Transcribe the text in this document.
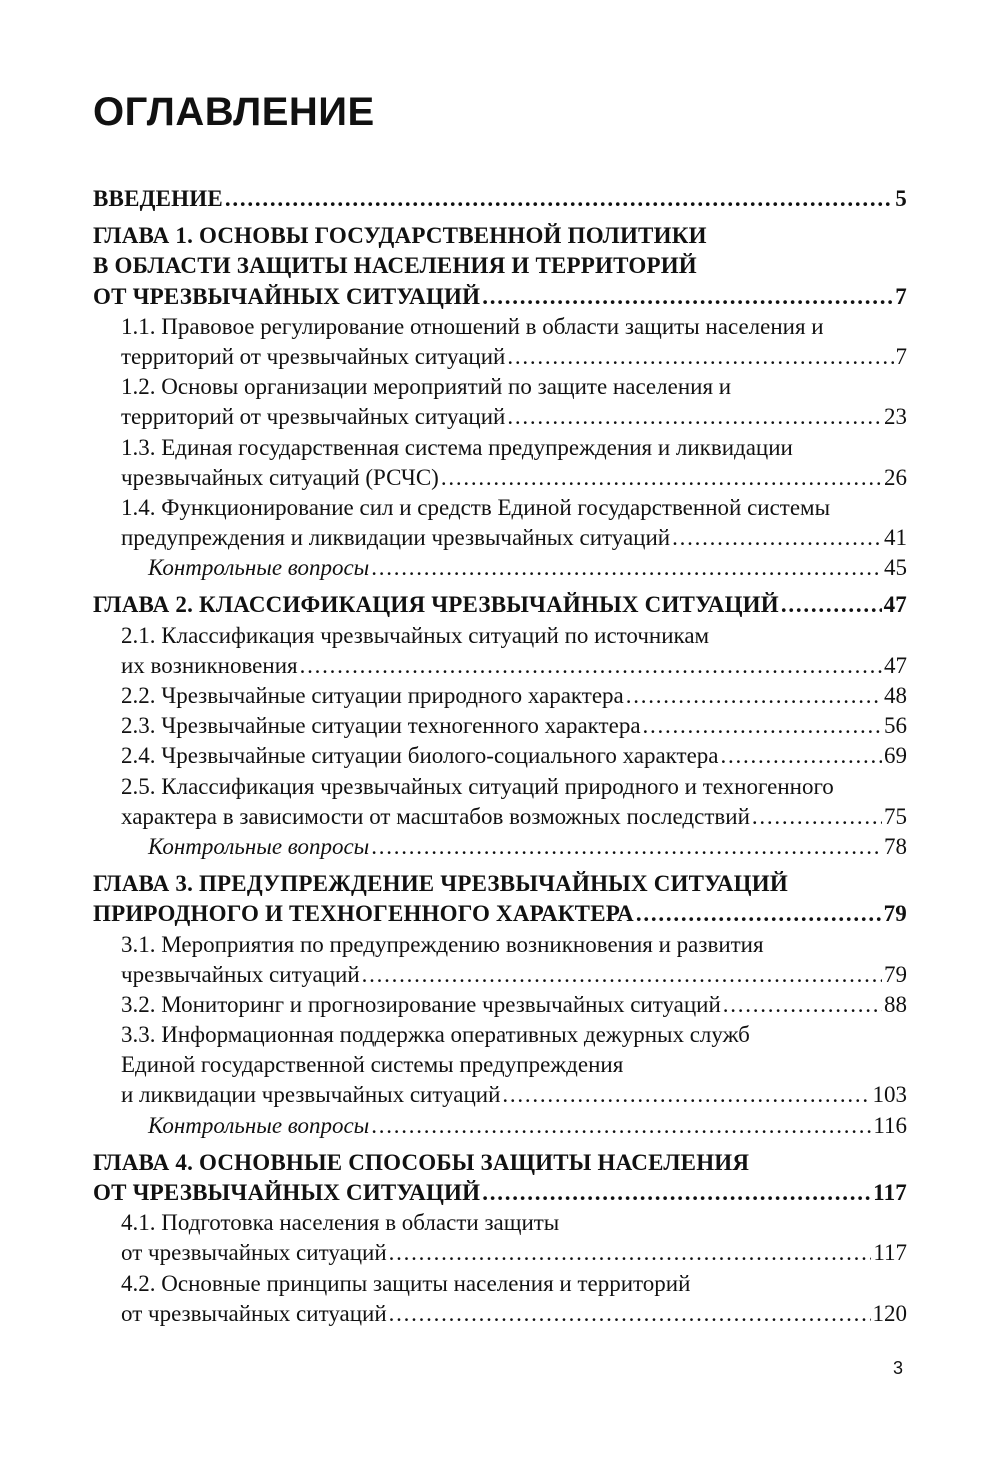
ОГЛАВЛЕНИЕ
ВВЕДЕНИЕ . . .	5
ГЛАВА 1. ОСНОВЫ ГОСУДАРСТВЕННОЙ ПОЛИТИКИ
В ОБЛАСТИ ЗАЩИТЫ НАСЕЛЕНИЯ И ТЕРРИТОРИЙ
ОТ ЧРЕЗВЫЧАЙНЫХ СИТУАЦИЙ . . .	7
1.1. Правовое регулирование отношений в области защиты населения и
территорий от чрезвычайных ситуаций . . .	7
1.2. Основы организации мероприятий по защите населения и
территорий от чрезвычайных ситуаций . . .	23
1.3. Единая государственная система предупреждения и ликвидации
чрезвычайных ситуаций (РСЧС) . . .	26
1.4. Функционирование сил и средств Единой государственной системы
предупреждения и ликвидации чрезвычайных ситуаций . . .	41
Контрольные вопросы . . .	45
ГЛАВА 2. КЛАССИФИКАЦИЯ ЧРЕЗВЫЧАЙНЫХ СИТУАЦИЙ . . .	47
2.1. Классификация чрезвычайных ситуаций по источникам
их возникновения . . .	47
2.2. Чрезвычайные ситуации природного характера . . .	48
2.3. Чрезвычайные ситуации техногенного характера . . .	56
2.4. Чрезвычайные ситуации биолого-социального характера . . .	69
2.5. Классификация чрезвычайных ситуаций природного и техногенного
характера в зависимости от масштабов возможных последствий . . .	75
Контрольные вопросы . . .	78
ГЛАВА 3. ПРЕДУПРЕЖДЕНИЕ ЧРЕЗВЫЧАЙНЫХ СИТУАЦИЙ
ПРИРОДНОГО И ТЕХНОГЕННОГО ХАРАКТЕРА . . .	79
3.1. Мероприятия по предупреждению возникновения и развития
чрезвычайных ситуаций . . .	79
3.2. Мониторинг и прогнозирование чрезвычайных ситуаций . . .	88
3.3. Информационная поддержка оперативных дежурных служб
Единой государственной системы предупреждения
и ликвидации чрезвычайных ситуаций . . .	103
Контрольные вопросы . . .	116
ГЛАВА 4. ОСНОВНЫЕ СПОСОБЫ ЗАЩИТЫ НАСЕЛЕНИЯ
ОТ ЧРЕЗВЫЧАЙНЫХ СИТУАЦИЙ . . .	117
4.1. Подготовка населения в области защиты
от чрезвычайных ситуаций . . .	117
4.2. Основные принципы защиты населения и территорий
от чрезвычайных ситуаций . . .	120
3
